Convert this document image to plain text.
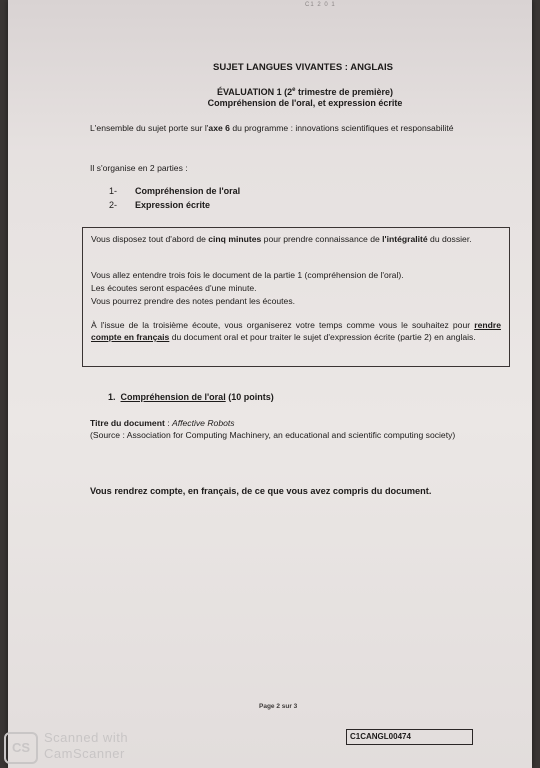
C1 2 0 1
SUJET LANGUES VIVANTES : ANGLAIS
ÉVALUATION 1 (2e trimestre de première)
Compréhension de l'oral, et expression écrite
L'ensemble du sujet porte sur l'axe 6 du programme : innovations scientifiques et responsabilité
Il s'organise en 2 parties :
1- Compréhension de l'oral
2- Expression écrite
Vous disposez tout d'abord de cinq minutes pour prendre connaissance de l'intégralité du dossier.
Vous allez entendre trois fois le document de la partie 1 (compréhension de l'oral).
Les écoutes seront espacées d'une minute.
Vous pourrez prendre des notes pendant les écoutes.
À l'issue de la troisième écoute, vous organiserez votre temps comme vous le souhaitez pour rendre compte en français du document oral et pour traiter le sujet d'expression écrite (partie 2) en anglais.
1. Compréhension de l'oral (10 points)
Titre du document : Affective Robots
(Source : Association for Computing Machinery, an educational and scientific computing society)
Vous rendrez compte, en français, de ce que vous avez compris du document.
Page 2 sur 3
C1CANGL00474
CS
Scanned with
CamScanner
